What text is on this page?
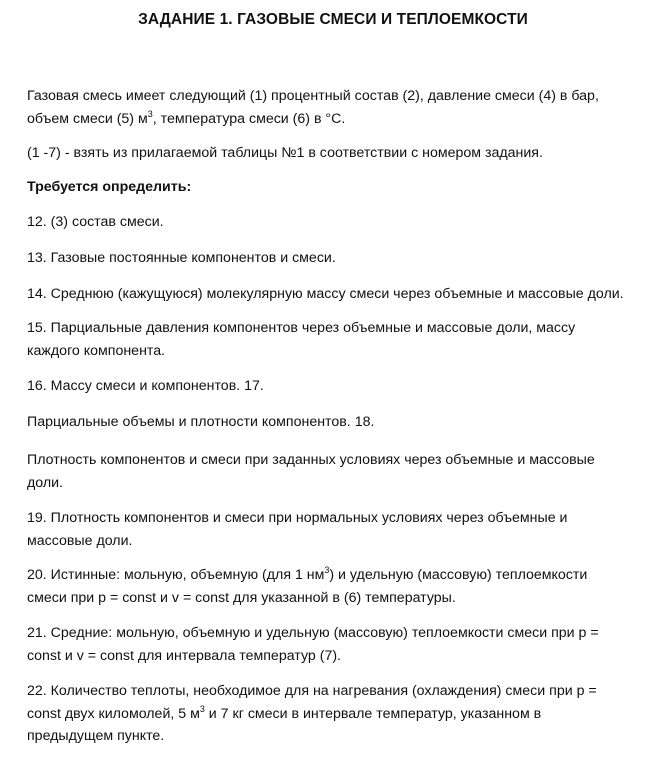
ЗАДАНИЕ 1. ГАЗОВЫЕ СМЕСИ И ТЕПЛОЕМКОСТИ

Газовая смесь имеет следующий (1) процентный состав (2), давление смеси (4) в бар,
объем смеси (5) $м^3$, температура смеси (6) в °С.

(1 -7) - взять из прилагаемой таблицы №1 в соответствии с номером задания.

Требуется определить:

12. (3) состав смеси.

13. Газовые постоянные компонентов и смеси.

14. Среднюю (кажущуюся) молекулярную массу смеси через объемные и массовые доли.

15. Парциальные давления компонентов через объемные и массовые доли, массу
каждого компонента.

16. Массу смеси и компонентов. 17.

Парциальные объемы и плотности компонентов. 18.

Плотность компонентов и смеси при заданных условиях через объемные и массовые
доли.

19. Плотность компонентов и смеси при нормальных условиях через объемные и
массовые доли.

20. Истинные: мольную, объемную (для 1 $нм^3$) и удельную (массовую) теплоемкости
смеси при p = const и v = const для указанной в (6) температуры.

21. Средние: мольную, объемную и удельную (массовую) теплоемкости смеси при p =
const и v = const для интервала температур (7).

22. Количество теплоты, необходимое для на нагревания (охлаждения) смеси при p =
const двух киломолей, 5 $м^3$ и 7 кг смеси в интервале температур, указанном в
предыдущем пункте.
